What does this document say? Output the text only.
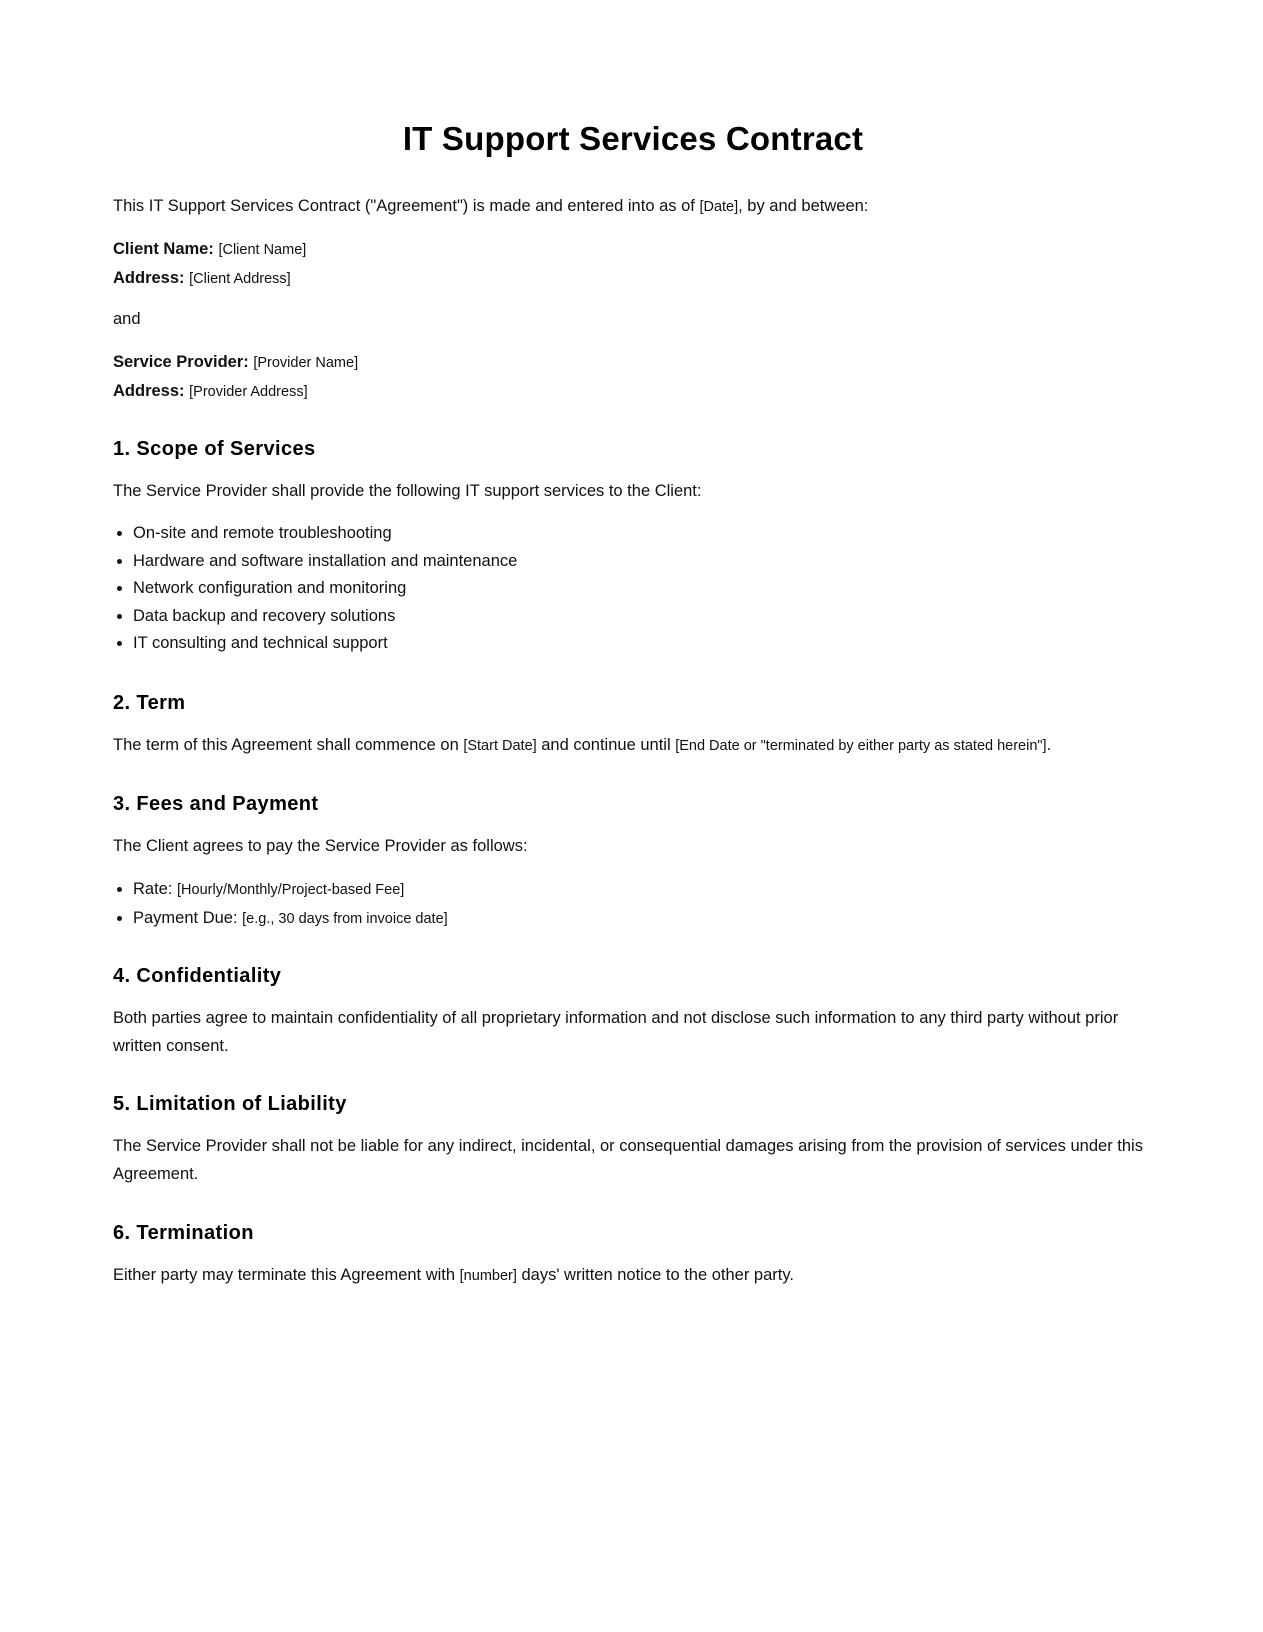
IT Support Services Contract

This IT Support Services Contract ("Agreement") is made and entered into as of [Date], by and between:

Client Name: [Client Name]

Address: [Client Address]

and

Service Provider: [Provider Name]

Address: [Provider Address]

1. Scope of Services

The Service Provider shall provide the following IT support services to the Client:

• On-site and remote troubleshooting
• Hardware and software installation and maintenance
• Network configuration and monitoring
• Data backup and recovery solutions
• IT consulting and technical support
2. Term

The term of this Agreement shall commence on [Start Date] and continue until [End Date or "terminated by either party as stated herein"].

3. Fees and Payment

The Client agrees to pay the Service Provider as follows:

• Rate: [Hourly/Monthly/Project-based Fee]
• Payment Due: [e.g., 30 days from invoice date]
4. Confidentiality

Both parties agree to maintain confidentiality of all proprietary information and not disclose such information to any third party without prior written consent.

5. Limitation of Liability

The Service Provider shall not be liable for any indirect, incidental, or consequential damages arising from the provision of services under this Agreement.

6. Termination

Either party may terminate this Agreement with [number] days' written notice to the other party.
